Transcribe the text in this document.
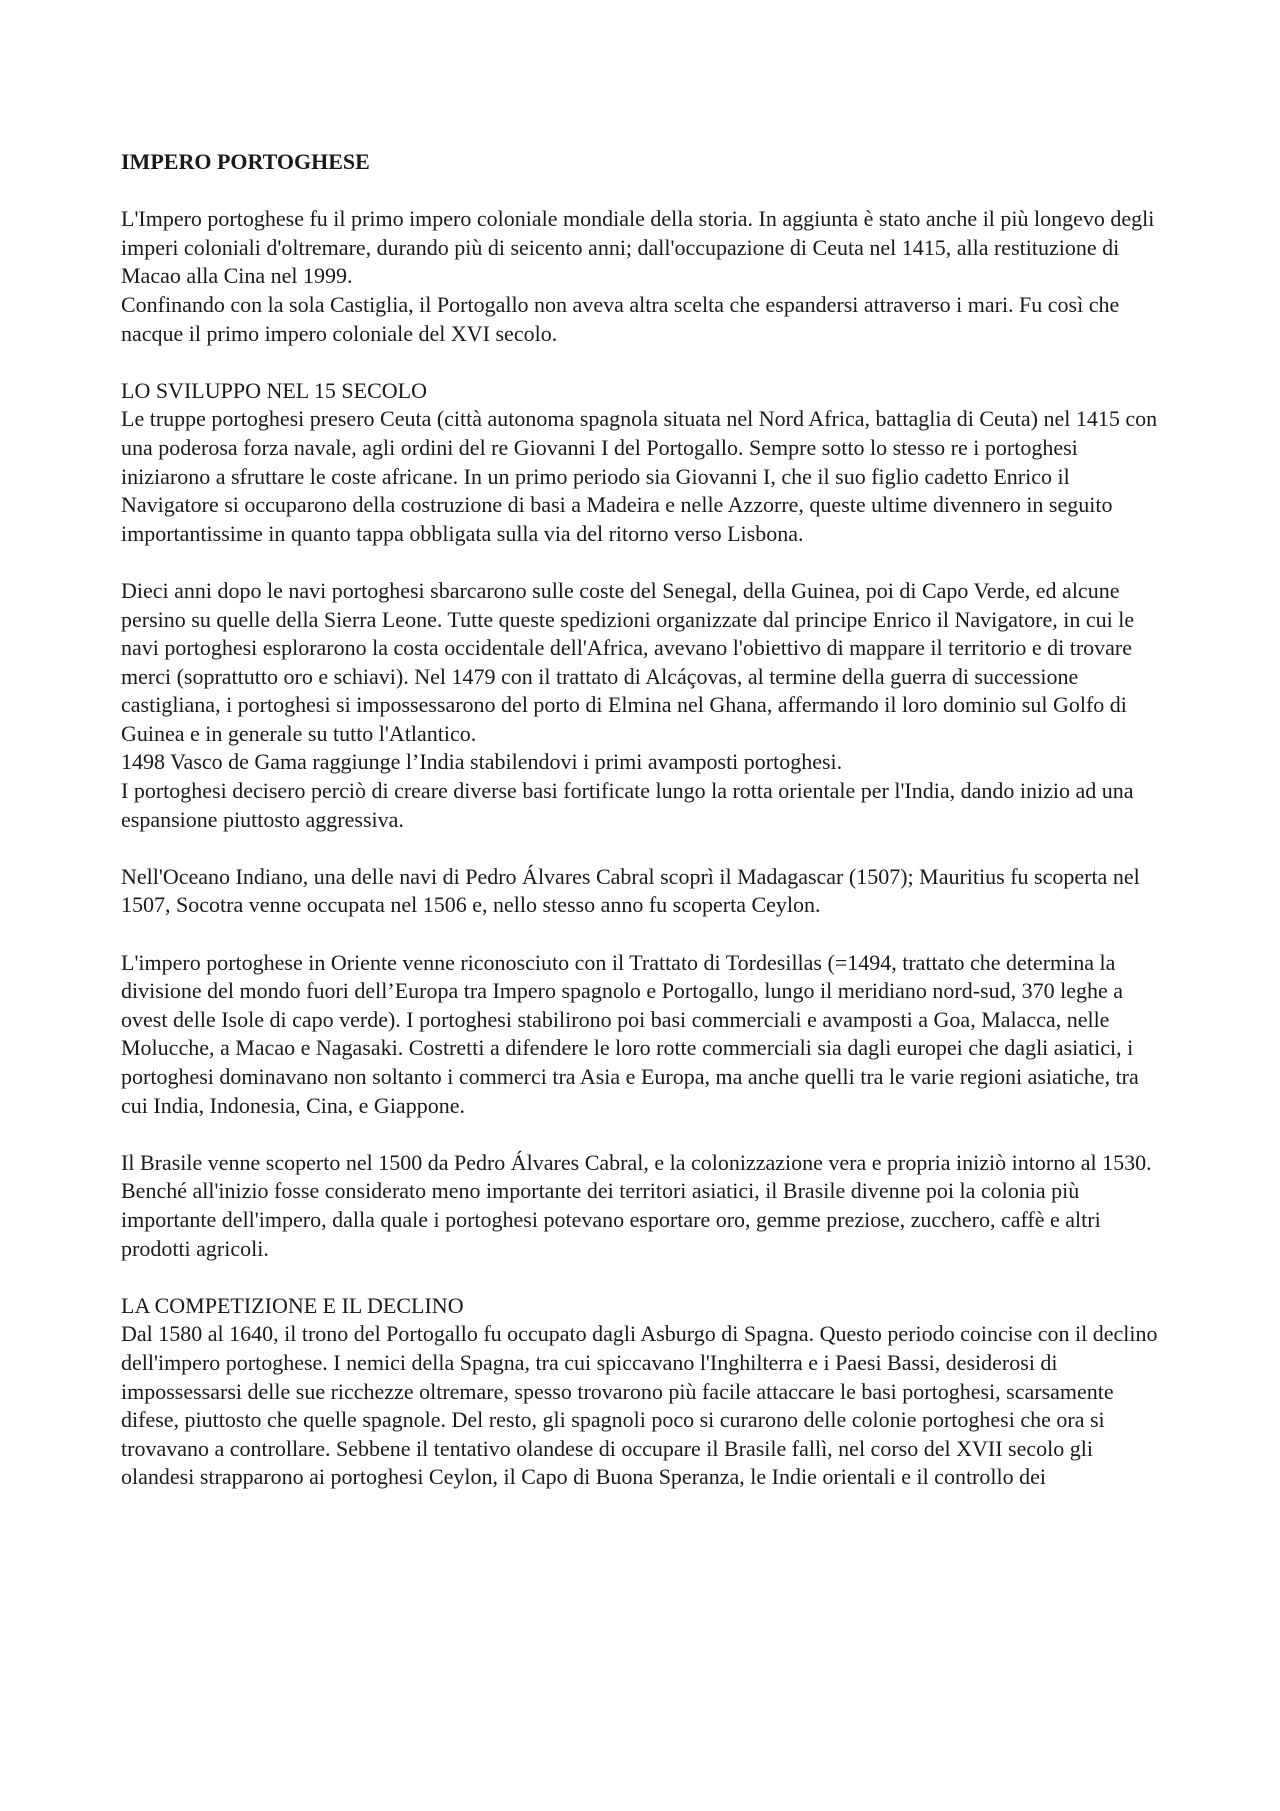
IMPERO PORTOGHESE

L'Impero portoghese fu il primo impero coloniale mondiale della storia. In aggiunta è stato anche il più longevo degli imperi coloniali d'oltremare, durando più di seicento anni; dall'occupazione di Ceuta nel 1415, alla restituzione di Macao alla Cina nel 1999.

Confinando con la sola Castiglia, il Portogallo non aveva altra scelta che espandersi attraverso i mari. Fu così che nacque il primo impero coloniale del XVI secolo.

LO SVILUPPO NEL 15 SECOLO

Le truppe portoghesi presero Ceuta (città autonoma spagnola situata nel Nord Africa, battaglia di Ceuta) nel 1415 con una poderosa forza navale, agli ordini del re Giovanni I del Portogallo. Sempre sotto lo stesso re i portoghesi iniziarono a sfruttare le coste africane. In un primo periodo sia Giovanni I, che il suo figlio cadetto Enrico il Navigatore si occuparono della costruzione di basi a Madeira e nelle Azzorre, queste ultime divennero in seguito importantissime in quanto tappa obbligata sulla via del ritorno verso Lisbona.

Dieci anni dopo le navi portoghesi sbarcarono sulle coste del Senegal, della Guinea, poi di Capo Verde, ed alcune persino su quelle della Sierra Leone. Tutte queste spedizioni organizzate dal principe Enrico il Navigatore, in cui le navi portoghesi esplorarono la costa occidentale dell'Africa, avevano l'obiettivo di mappare il territorio e di trovare merci (soprattutto oro e schiavi). Nel 1479 con il trattato di Alcáçovas, al termine della guerra di successione castigliana, i portoghesi si impossessarono del porto di Elmina nel Ghana, affermando il loro dominio sul Golfo di Guinea e in generale su tutto l'Atlantico.

1498 Vasco de Gama raggiunge l’India stabilendovi i primi avamposti portoghesi.

I portoghesi decisero perciò di creare diverse basi fortificate lungo la rotta orientale per l'India, dando inizio ad una espansione piuttosto aggressiva.

Nell'Oceano Indiano, una delle navi di Pedro Álvares Cabral scoprì il Madagascar (1507); Mauritius fu scoperta nel 1507, Socotra venne occupata nel 1506 e, nello stesso anno fu scoperta Ceylon.

L'impero portoghese in Oriente venne riconosciuto con il Trattato di Tordesillas (=1494, trattato che determina la divisione del mondo fuori dell’Europa tra Impero spagnolo e Portogallo, lungo il meridiano nord-sud, 370 leghe a ovest delle Isole di capo verde). I portoghesi stabilirono poi basi commerciali e avamposti a Goa, Malacca, nelle Molucche, a Macao e Nagasaki. Costretti a difendere le loro rotte commerciali sia dagli europei che dagli asiatici, i portoghesi dominavano non soltanto i commerci tra Asia e Europa, ma anche quelli tra le varie regioni asiatiche, tra cui India, Indonesia, Cina, e Giappone.

Il Brasile venne scoperto nel 1500 da Pedro Álvares Cabral, e la colonizzazione vera e propria iniziò intorno al 1530. Benché all'inizio fosse considerato meno importante dei territori asiatici, il Brasile divenne poi la colonia più importante dell'impero, dalla quale i portoghesi potevano esportare oro, gemme preziose, zucchero, caffè e altri prodotti agricoli.

LA COMPETIZIONE E IL DECLINO

Dal 1580 al 1640, il trono del Portogallo fu occupato dagli Asburgo di Spagna. Questo periodo coincise con il declino dell'impero portoghese. I nemici della Spagna, tra cui spiccavano l'Inghilterra e i Paesi Bassi, desiderosi di impossessarsi delle sue ricchezze oltremare, spesso trovarono più facile attaccare le basi portoghesi, scarsamente difese, piuttosto che quelle spagnole. Del resto, gli spagnoli poco si curarono delle colonie portoghesi che ora si trovavano a controllare. Sebbene il tentativo olandese di occupare il Brasile fallì, nel corso del XVII secolo gli olandesi strapparono ai portoghesi Ceylon, il Capo di Buona Speranza, le Indie orientali e il controllo dei
